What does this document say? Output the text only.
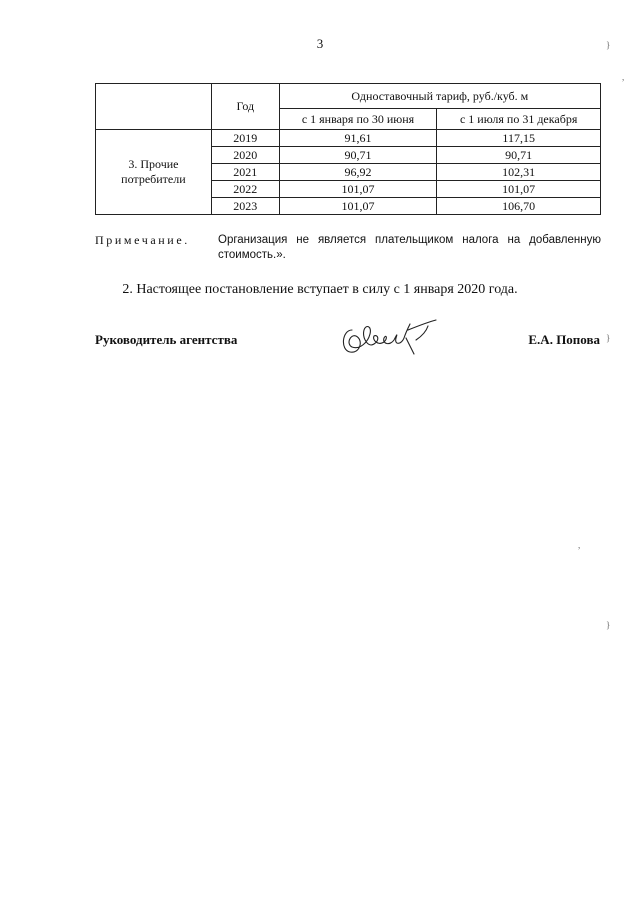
3
	Год	Одноставочный тариф, руб./куб. м	
		с 1 января по 30 июня	с 1 июля по 31 декабря
3. Прочие
потребители	2019	91,61	117,15
	2020	90,71	90,71
	2021	96,92	102,31
	2022	101,07	101,07
	2023	101,07	106,70
Примечание. Организация не является плательщиком налога на добавленную стоимость.».
2. Настоящее постановление вступает в силу с 1 января 2020 года.
Руководитель агентства	Е.А. Попова
}
}
}
,
,
